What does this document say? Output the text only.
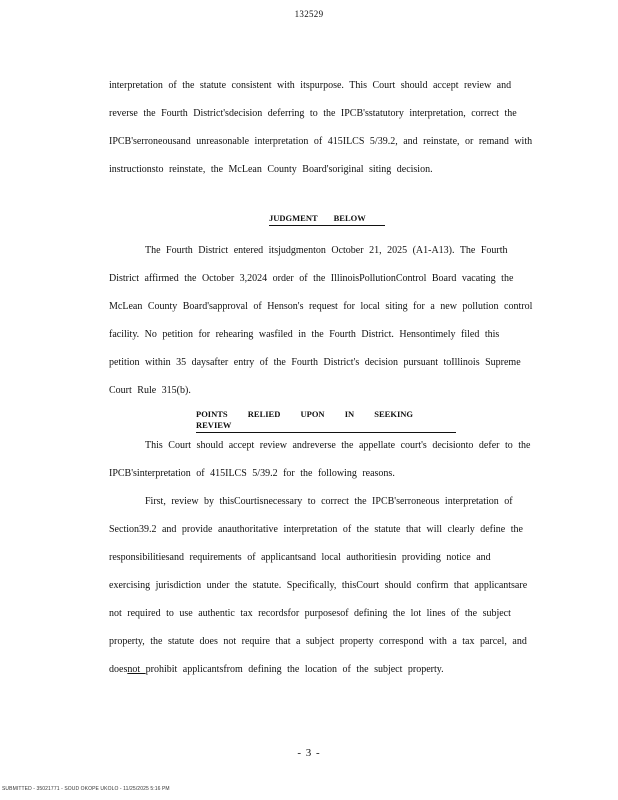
132529

interpretation of the statute consistent with itspurpose. This Court should accept review and reverse the Fourth District'sdecision deferring to the IPCB'sstatutory interpretation, correct the IPCB'serroneousand unreasonable interpretation of 415ILCS 5/39.2, and reinstate, or remand with instructionsto reinstate, the McLean County Board'soriginal siting decision.

JUDGMENT BELOW

The Fourth District entered itsjudgmenton October 21, 2025 (A1-A13). The Fourth District affirmed the October 3,2024 order of the IllinoisPollutionControl Board vacating the McLean County Board'sapproval of Henson's request for local siting for a new pollution control facility. No petition for rehearing wasfiled in the Fourth District. Hensontimely filed this petition within 35 daysafter entry of the Fourth District's decision pursuant toIllinois Supreme Court Rule 315(b).

POINTS RELIED UPON IN SEEKING REVIEW

This Court should accept review andreverse the appellate court's decisionto defer to the IPCB'sinterpretation of 415ILCS 5/39.2 for the following reasons.

First, review by thisCourtisnecessary to correct the IPCB'serroneous interpretation of Section39.2 and provide anauthoritative interpretation of the statute that will clearly define the responsibilitiesand requirements of applicantsand local authoritiesin providing notice and exercising jurisdiction under the statute. Specifically, thisCourt should confirm that applicantsare not required to use authentic tax recordsfor purposesof defining the lot lines of the subject property, the statute does not require that a subject property correspond with a tax parcel, and doesnot prohibit applicantsfrom defining the location of the subject property.

- 3 -
SUBMITTED - 35021771 - SOUD OKOPE UKOLO - 11/25/2025 5:16 PM
